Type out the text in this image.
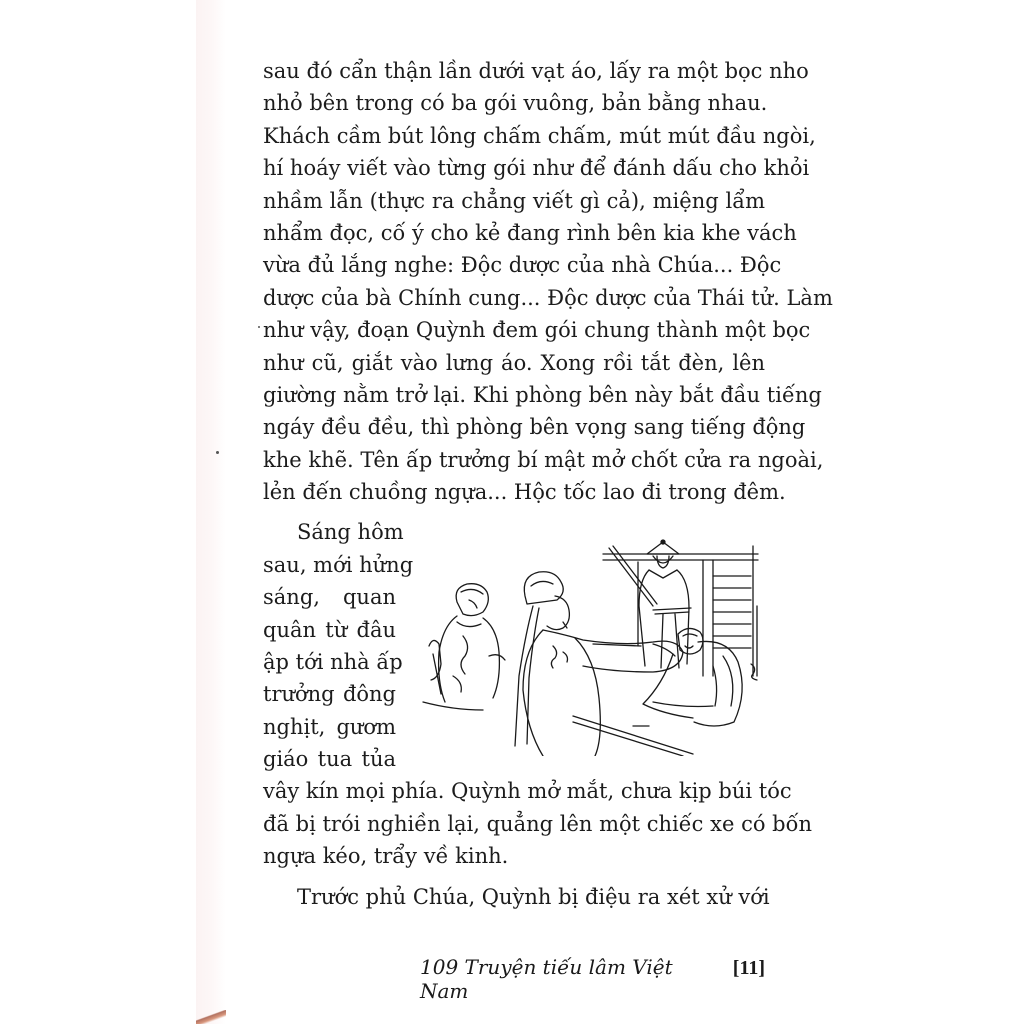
sau đó cẩn thận lần dưới vạt áo, lấy ra một bọc nho
nhỏ bên trong có ba gói vuông, bản bằng nhau.
Khách cầm bút lông chấm chấm, mút mút đầu ngòi,
hí hoáy viết vào từng gói như để đánh dấu cho khỏi
nhầm lẫn (thực ra chẳng viết gì cả), miệng lẩm
nhẩm đọc, cố ý cho kẻ đang rình bên kia khe vách
vừa đủ lắng nghe: Độc dược của nhà Chúa... Độc
dược của bà Chính cung... Độc dược của Thái tử. Làm
như vậy, đoạn Quỳnh đem gói chung thành một bọc
như cũ, giắt vào lưng áo. Xong rồi tắt đèn, lên
giường nằm trở lại. Khi phòng bên này bắt đầu tiếng
ngáy đều đều, thì phòng bên vọng sang tiếng động
khe khẽ. Tên ấp trưởng bí mật mở chốt cửa ra ngoài,
lẻn đến chuồng ngựa... Hộc tốc lao đi trong đêm.
Sáng hôm
sau, mới hửng
sáng, quan
quân từ đâu
ập tới nhà ấp
trưởng đông
nghịt, gươm
giáo tua tủa
vây kín mọi phía. Quỳnh mở mắt, chưa kịp búi tóc
đã bị trói nghiền lại, quẳng lên một chiếc xe có bốn
ngựa kéo, trẩy về kinh.
Trước phủ Chúa, Quỳnh bị điệu ra xét xử với
109 Truyện tiếu lâm Việt Nam
[11]
